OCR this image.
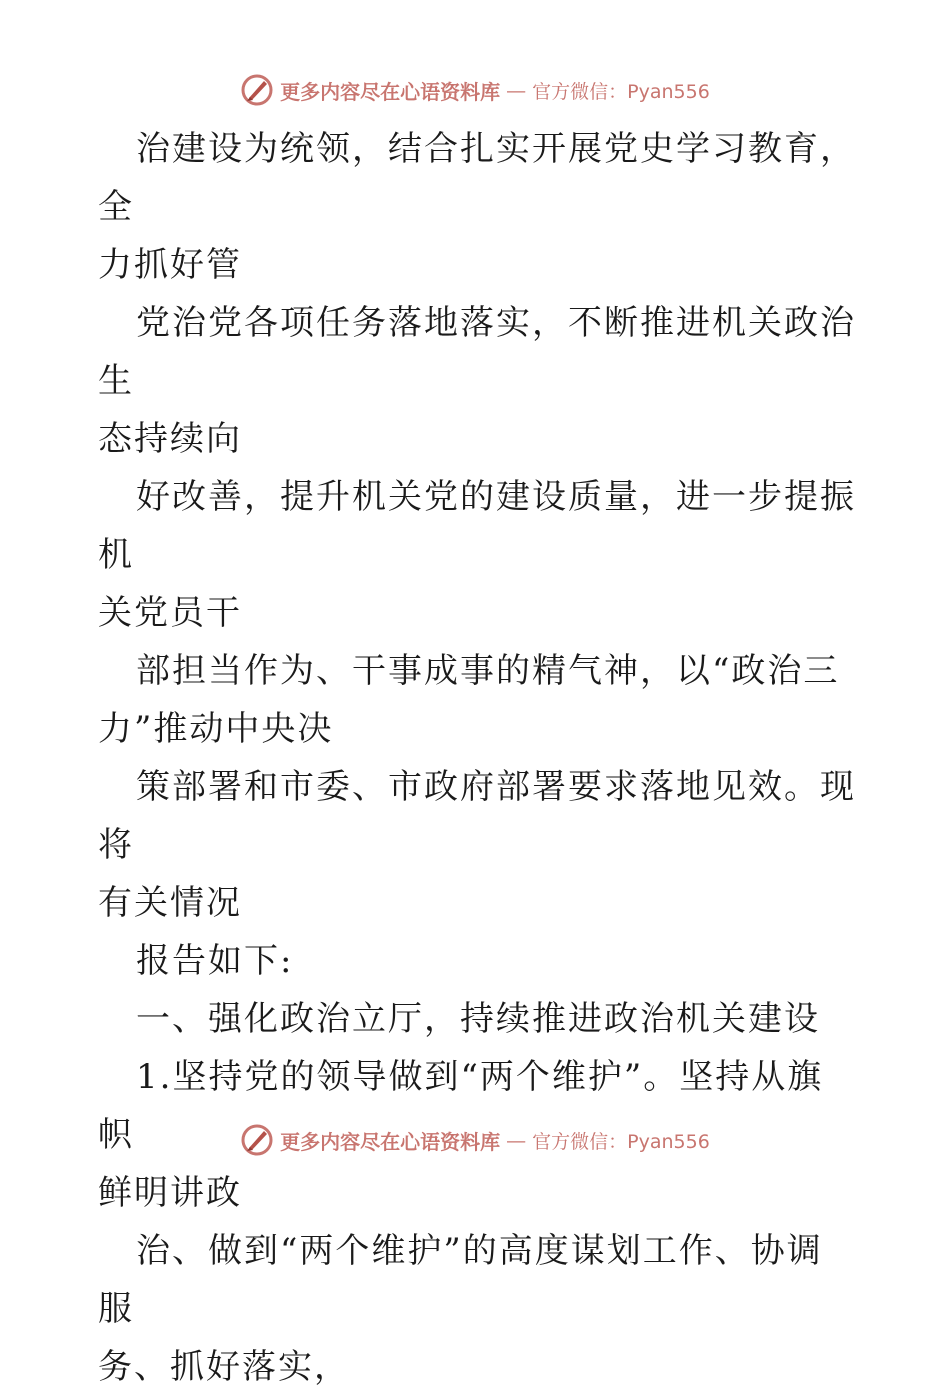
更多内容尽在心语资料库 — 官方微信：Pyan556

治建设为统领，结合扎实开展党史学习教育，全

力抓好管

党治党各项任务落地落实，不断推进机关政治生

态持续向

好改善，提升机关党的建设质量，进一步提振机

关党员干

部担当作为、干事成事的精气神，以“政治三

力”推动中央决

策部署和市委、市政府部署要求落地见效。现将

有关情况

报告如下:

一、强化政治立厅，持续推进政治机关建设

1.坚持党的领导做到“两个维护”。坚持从旗帜

鲜明讲政

治、做到“两个维护”的高度谋划工作、协调服

务、抓好落实，

更多内容尽在心语资料库 — 官方微信：Pyan556
